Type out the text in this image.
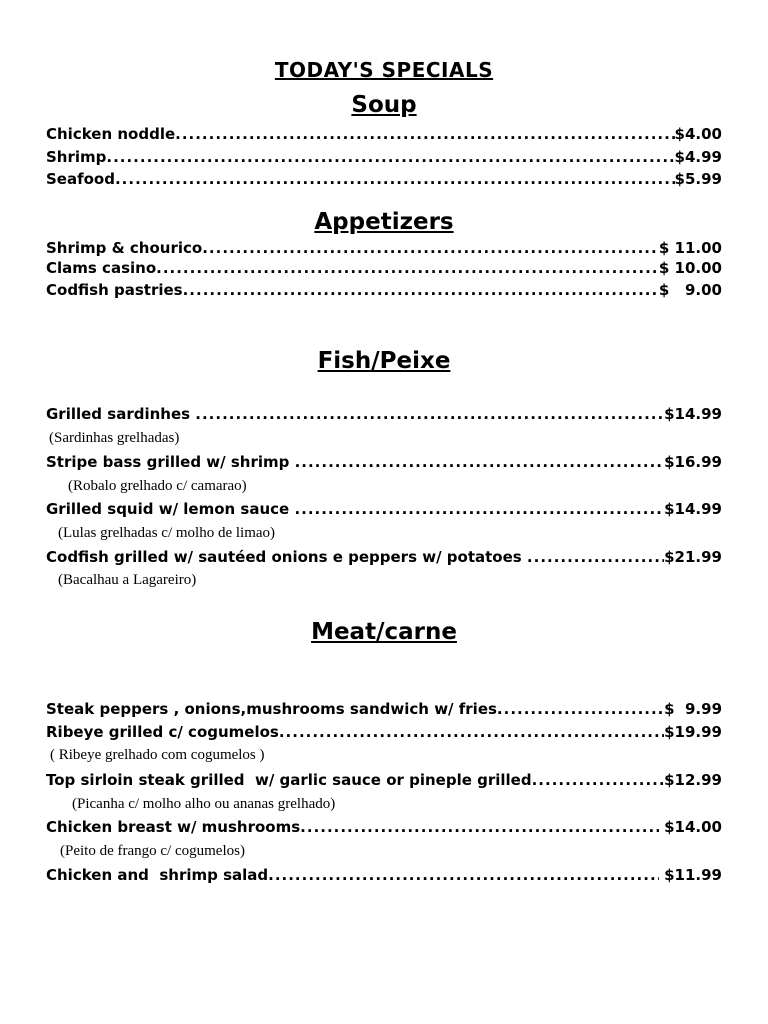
TODAY'S SPECIALS
Soup
Chicken noddle .....	$4.00
Shrimp .....	$4.99
Seafood .....	$5.99
Appetizers
Shrimp & chourico .....	$ 11.00
Clams casino .....	$ 10.00
Codfish pastries .....	$   9.00
Fish/Peixe
Grilled sardinhes .....	$14.99
(Sardinhas grelhadas)
Stripe bass grilled w/ shrimp .....	$16.99
(Robalo grelhado c/ camarao)
Grilled squid w/ lemon sauce .....	$14.99
(Lulas grelhadas c/ molho de limao)
Codfish grilled w/ sautéed onions e peppers w/ potatoes .....	$21.99
(Bacalhau a Lagareiro)
Meat/carne
Steak peppers , onions,mushrooms sandwich w/ fries .....	$  9.99
Ribeye grilled c/ cogumelos .....	$19.99
( Ribeye grelhado com cogumelos )
Top sirloin steak grilled  w/ garlic sauce or pineple grilled .....	$12.99
(Picanha c/ molho alho ou ananas grelhado)
Chicken breast w/ mushrooms .....	$14.00
(Peito de frango c/ cogumelos)
Chicken and  shrimp salad .....	$11.99
